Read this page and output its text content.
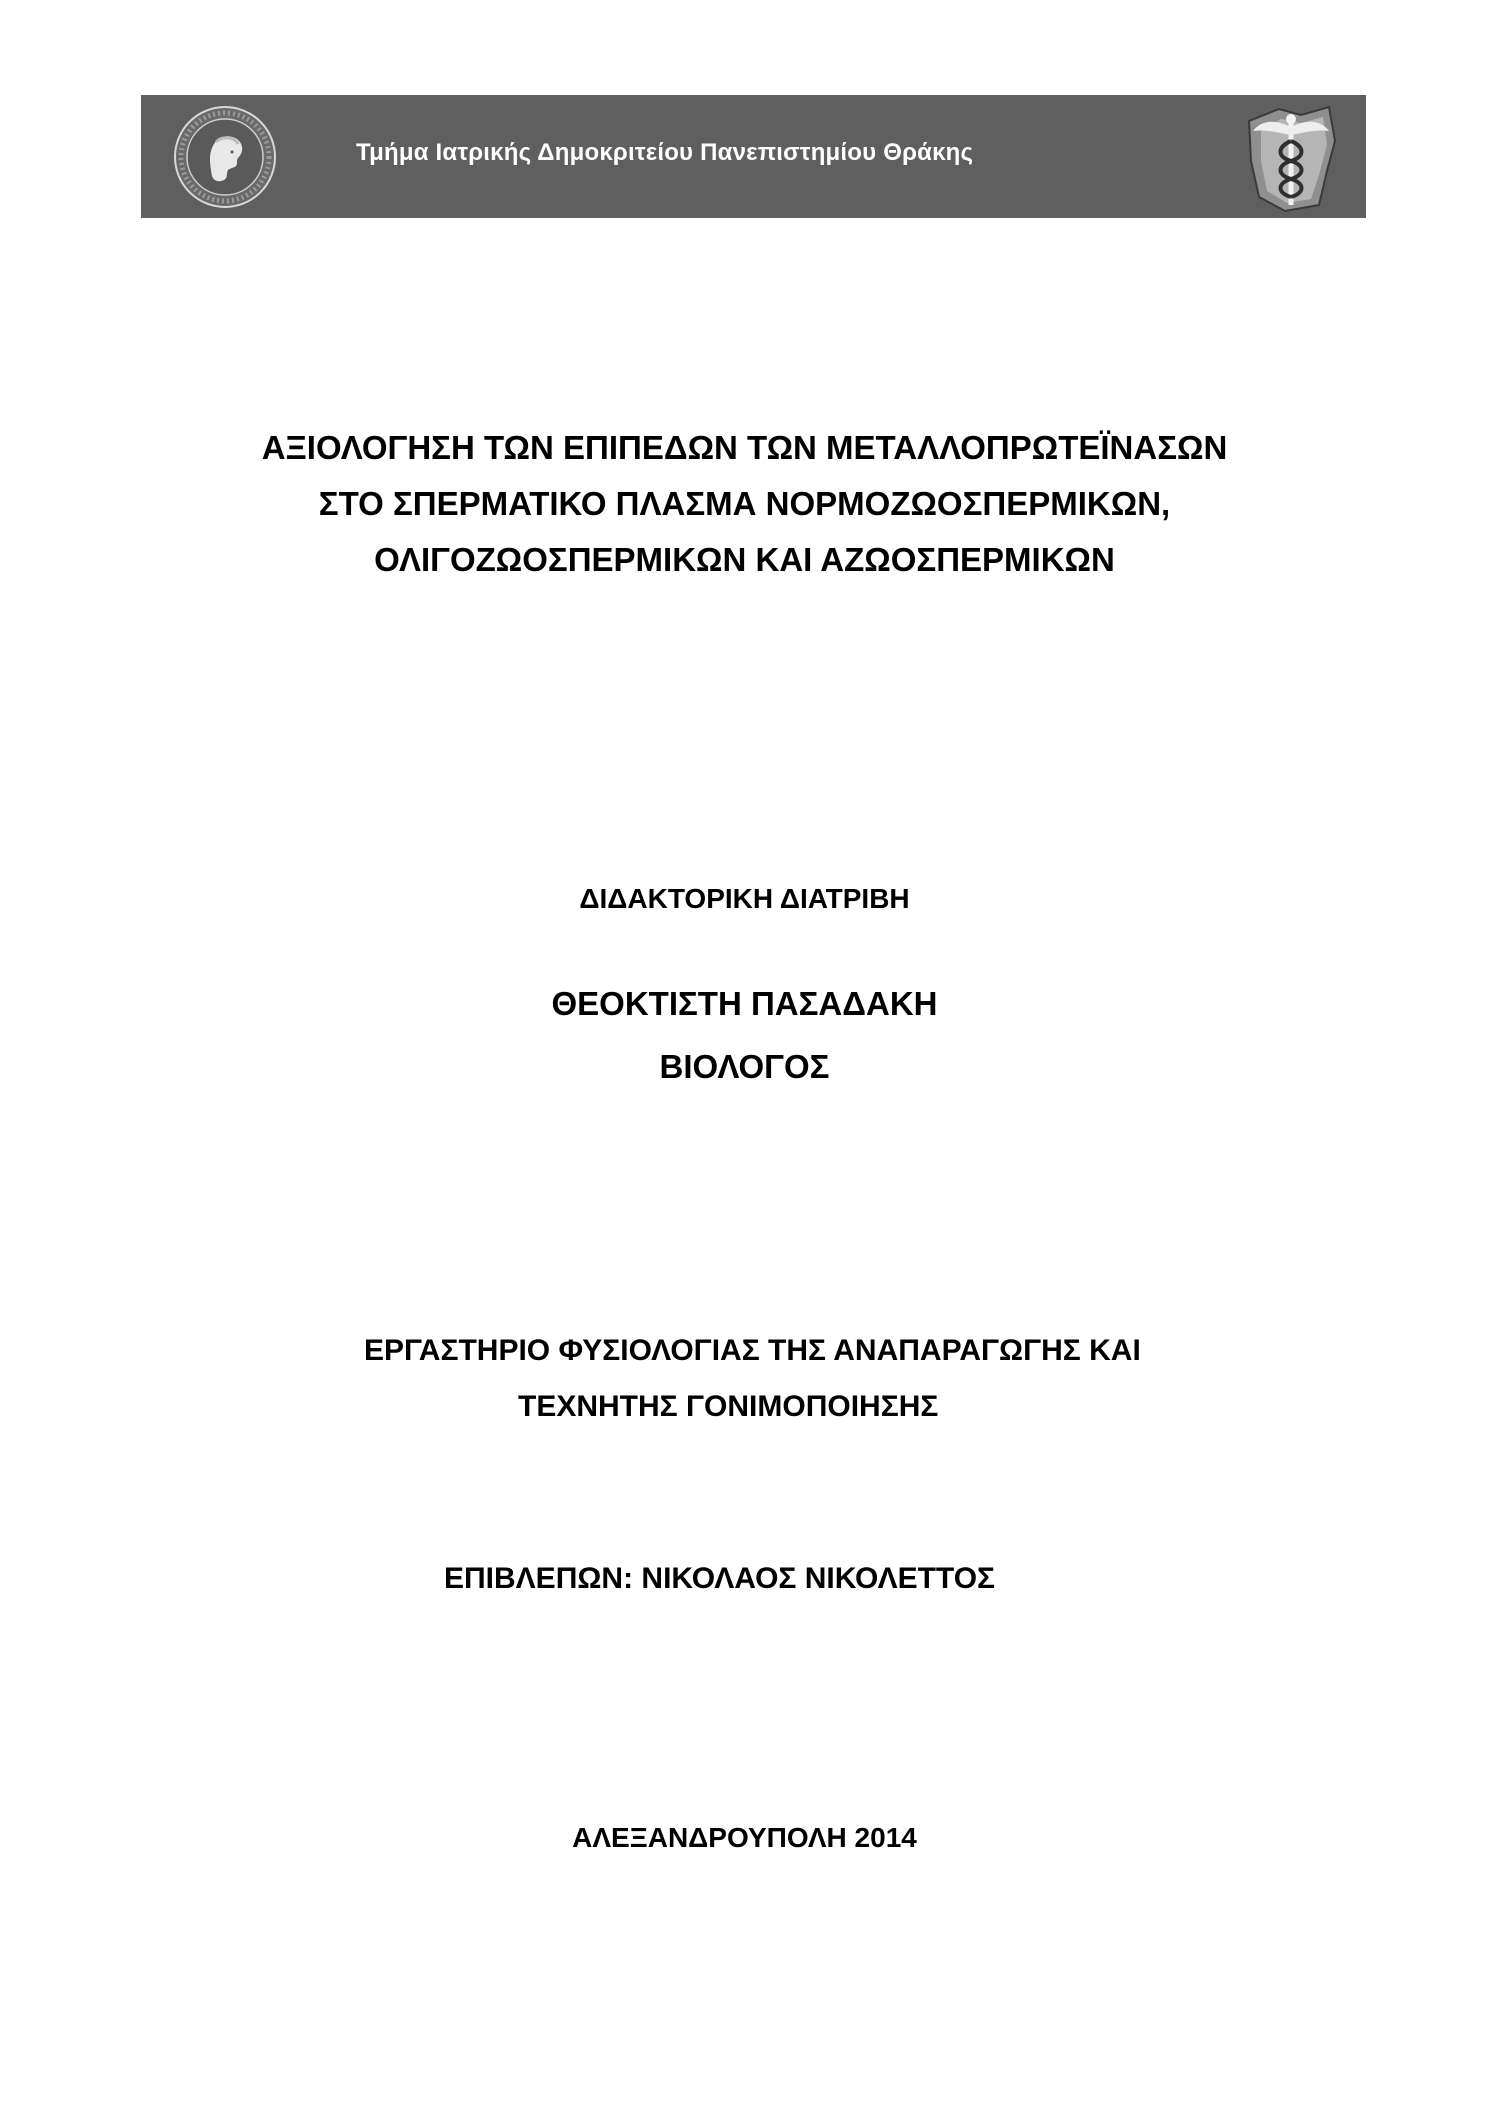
Τμήμα Ιατρικής Δημοκριτείου Πανεπιστημίου Θράκης
ΑΞΙΟΛΟΓΗΣΗ ΤΩΝ ΕΠΙΠΕΔΩΝ ΤΩΝ ΜΕΤΑΛΛΟΠΡΩΤΕΪΝΑΣΩΝ
ΣΤΟ ΣΠΕΡΜΑΤΙΚΟ ΠΛΑΣΜΑ ΝΟΡΜΟΖΩΟΣΠΕΡΜΙΚΩΝ,
ΟΛΙΓΟΖΩΟΣΠΕΡΜΙΚΩΝ ΚΑΙ ΑΖΩΟΣΠΕΡΜΙΚΩΝ
ΔΙΔΑΚΤΟΡΙΚΗ ΔΙΑΤΡΙΒΗ
ΘΕΟΚΤΙΣΤΗ ΠΑΣΑΔΑΚΗ
ΒΙΟΛΟΓΟΣ
ΕΡΓΑΣΤΗΡΙΟ ΦΥΣΙΟΛΟΓΙΑΣ ΤΗΣ ΑΝΑΠΑΡΑΓΩΓΗΣ ΚΑΙ
ΤΕΧΝΗΤΗΣ ΓΟΝΙΜΟΠΟΙΗΣΗΣ
ΕΠΙΒΛΕΠΩΝ: ΝΙΚΟΛΑΟΣ ΝΙΚΟΛΕΤΤΟΣ
ΑΛΕΞΑΝΔΡΟΥΠΟΛΗ 2014
